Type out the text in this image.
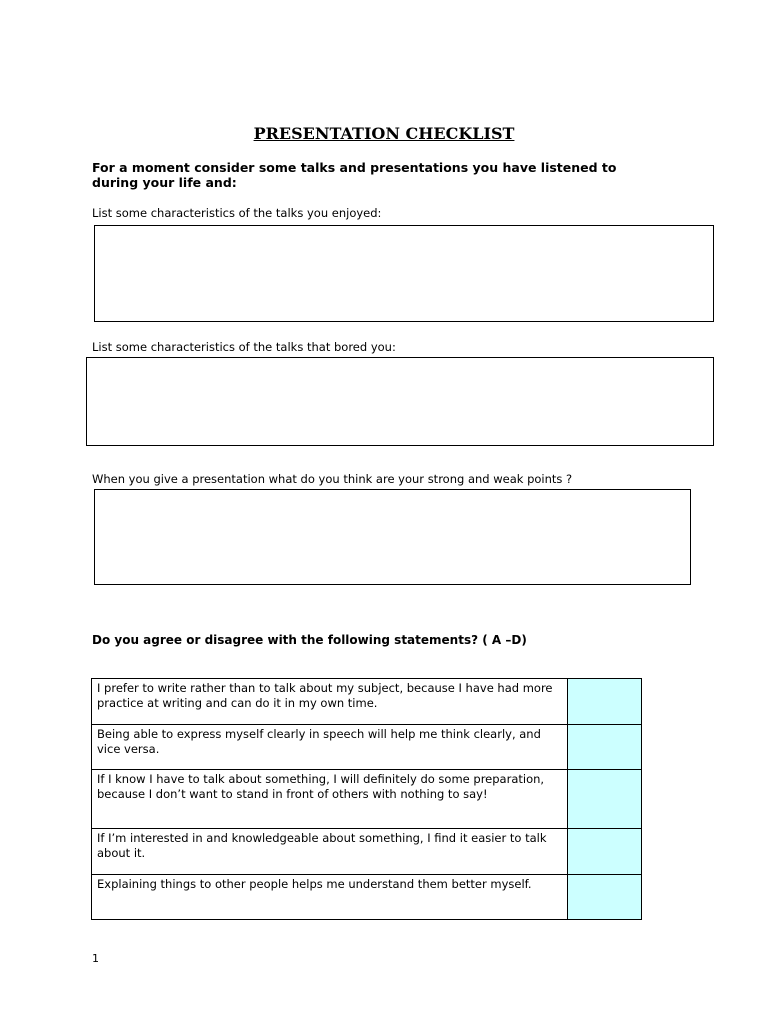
PRESENTATION CHECKLIST
For a moment consider some talks and presentations you have listened to during your life and:
List some characteristics of the talks you enjoyed:
List some characteristics of the talks that bored you:
When you give a presentation what do you think are your strong and weak points ?
Do you agree or disagree with the following statements? ( A –D)
I prefer to write rather than to talk about my subject, because I have had more practice at writing and can do it in my own time.	
Being able to express myself clearly in speech will help me think clearly, and vice versa.	
If I know I have to talk about something, I will definitely do some preparation, because I don’t want to stand in front of others with nothing to say!	
If I’m interested in and knowledgeable about something, I find it easier to talk about it.	
Explaining things to other people helps me understand them better myself.	
1
